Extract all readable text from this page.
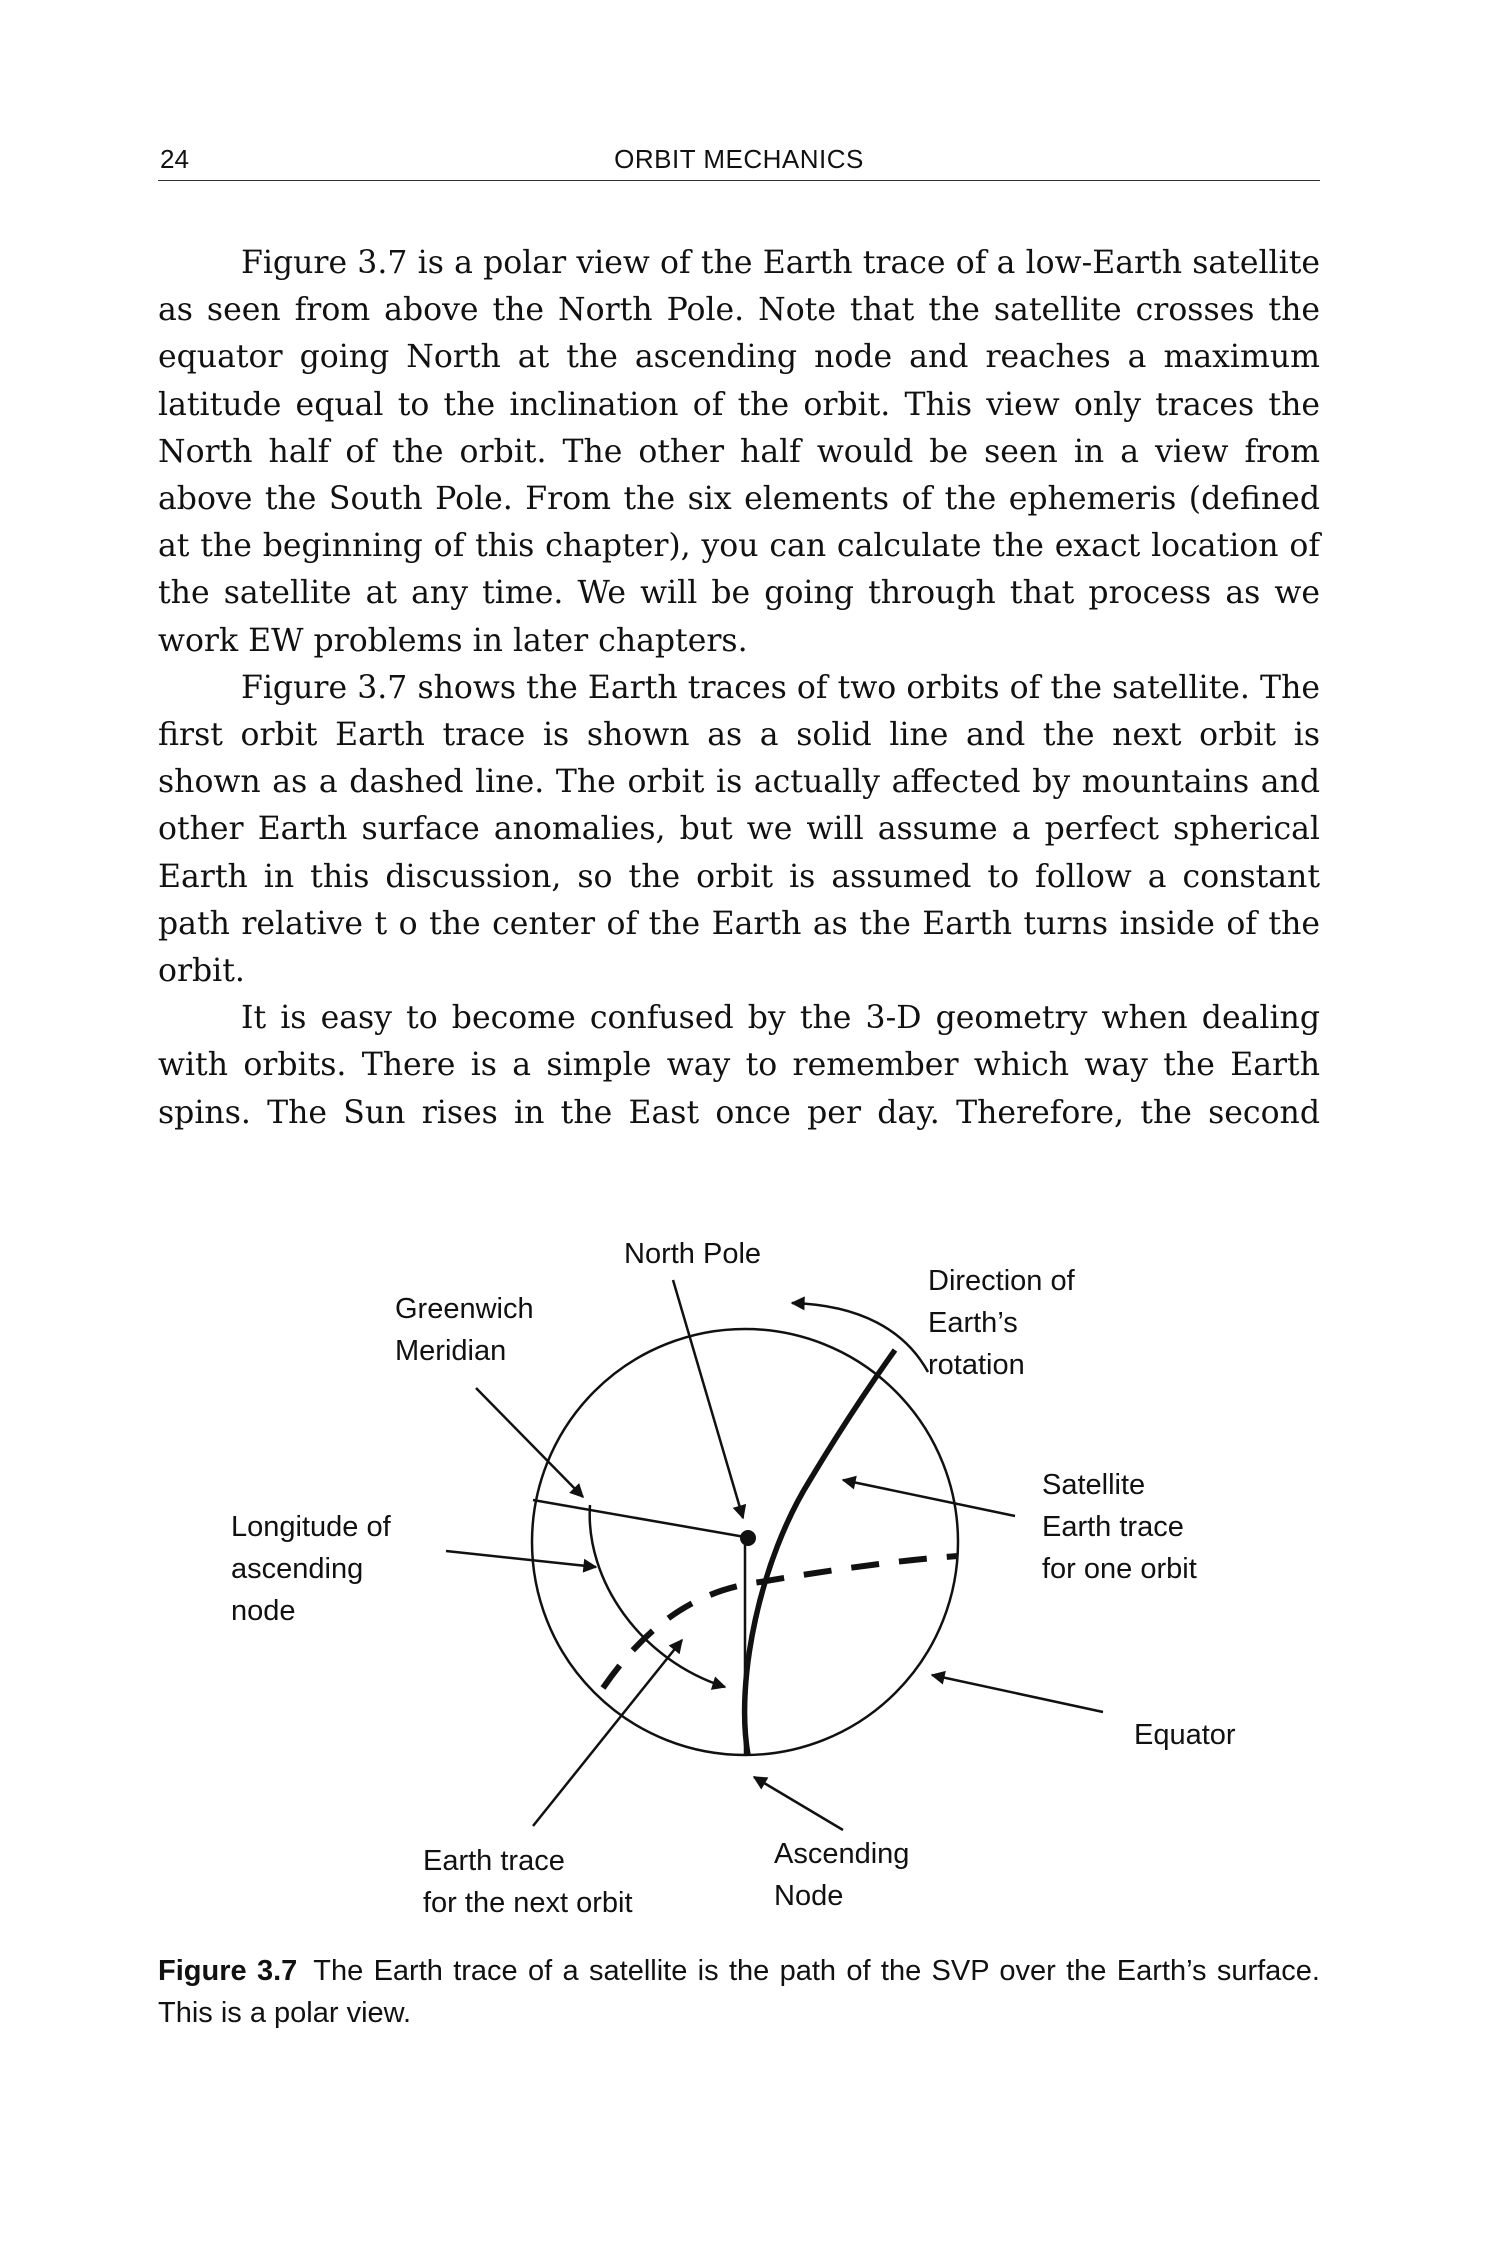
24	ORBIT MECHANICS

Figure 3.7 is a polar view of the Earth trace of a low-Earth satellite as seen from above the North Pole. Note that the satellite crosses the equator going North at the ascending node and reaches a maximum latitude equal to the inclination of the orbit. This view only traces the North half of the orbit. The other half would be seen in a view from above the South Pole. From the six elements of the ephemeris (defined at the beginning of this chapter), you can calculate the exact location of the satellite at any time. We will be going through that process as we work EW problems in later chapters.

Figure 3.7 shows the Earth traces of two orbits of the satellite. The first orbit Earth trace is shown as a solid line and the next orbit is shown as a dashed line. The orbit is actually affected by mountains and other Earth surface anomalies, but we will assume a perfect spherical Earth in this discussion, so the orbit is assumed to follow a constant path relative t o the center of the Earth as the Earth turns inside of the orbit.

It is easy to become confused by the 3-D geometry when dealing with orbits. There is a simple way to remember which way the Earth spins. The Sun rises in the East once per day. Therefore, the second

North Pole
Greenwich
Meridian
Direction of
Earth’s
rotation
Longitude of
ascending
node
Satellite
Earth trace
for one orbit
Equator
Earth trace
for the next orbit
Ascending
Node
Figure 3.7 The Earth trace of a satellite is the path of the SVP over the Earth’s surface. This is a polar view.
